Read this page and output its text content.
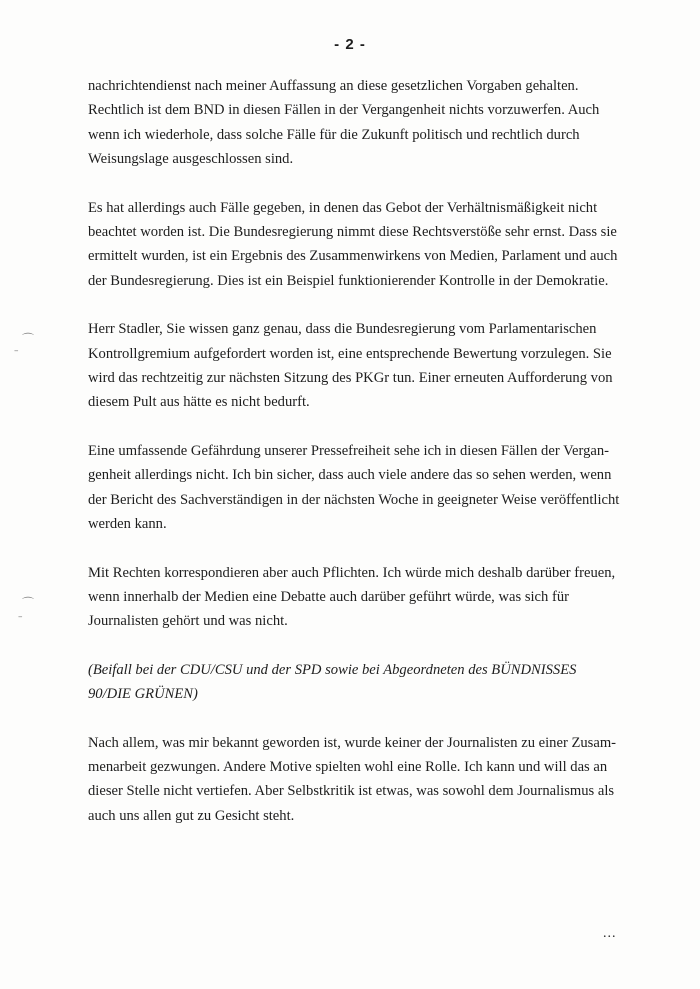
- 2 -

nachrichtendienst nach meiner Auffassung an diese gesetzlichen Vorgaben gehalten.
Rechtlich ist dem BND in diesen Fällen in der Vergangenheit nichts vorzuwerfen. Auch
wenn ich wiederhole, dass solche Fälle für die Zukunft politisch und rechtlich durch
Weisungslage ausgeschlossen sind.

Es hat allerdings auch Fälle gegeben, in denen das Gebot der Verhältnismäßigkeit nicht
beachtet worden ist. Die Bundesregierung nimmt diese Rechtsverstöße sehr ernst. Dass sie
ermittelt wurden, ist ein Ergebnis des Zusammenwirkens von Medien, Parlament und auch
der Bundesregierung. Dies ist ein Beispiel funktionierender Kontrolle in der Demokratie.

Herr Stadler, Sie wissen ganz genau, dass die Bundesregierung vom Parlamentarischen
Kontrollgremium aufgefordert worden ist, eine entsprechende Bewertung vorzulegen. Sie
wird das rechtzeitig zur nächsten Sitzung des PKGr tun. Einer erneuten Aufforderung von
diesem Pult aus hätte es nicht bedurft.

Eine umfassende Gefährdung unserer Pressefreiheit sehe ich in diesen Fällen der Vergan-
genheit allerdings nicht. Ich bin sicher, dass auch viele andere das so sehen werden, wenn
der Bericht des Sachverständigen in der nächsten Woche in geeigneter Weise veröffentlicht
werden kann.

Mit Rechten korrespondieren aber auch Pflichten. Ich würde mich deshalb darüber freuen,
wenn innerhalb der Medien eine Debatte auch darüber geführt würde, was sich für
Journalisten gehört und was nicht.

(Beifall bei der CDU/CSU und der SPD sowie bei Abgeordneten des BÜNDNISSES
90/DIE GRÜNEN)

Nach allem, was mir bekannt geworden ist, wurde keiner der Journalisten zu einer Zusam-
menarbeit gezwungen. Andere Motive spielten wohl eine Rolle. Ich kann und will das an
dieser Stelle nicht vertiefen. Aber Selbstkritik ist etwas, was sowohl dem Journalismus als
auch uns allen gut zu Gesicht steht.

...
⌒
–
⌒
–
